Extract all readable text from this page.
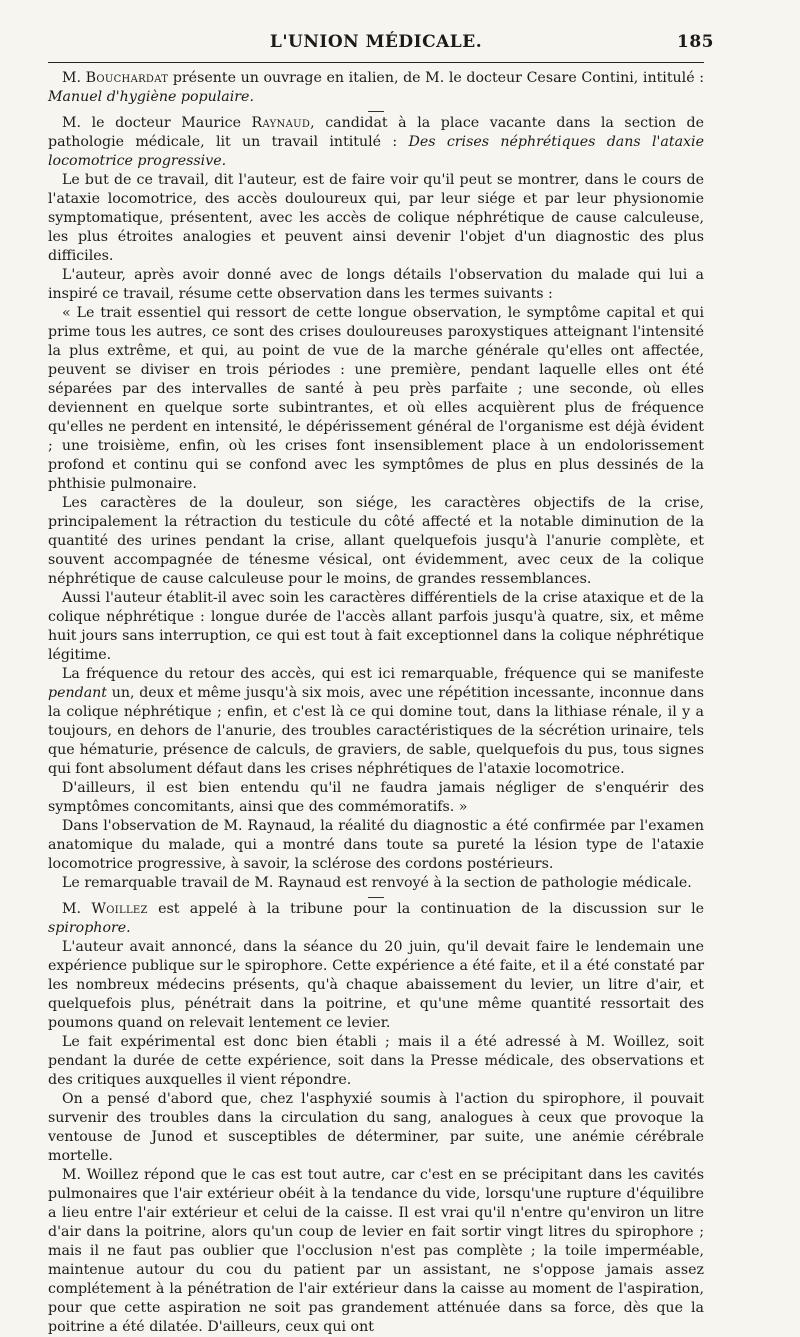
L'UNION MÉDICALE.	185

M. Bouchardat présente un ouvrage en italien, de M. le docteur Cesare Contini, intitulé : Manuel d'hygiène populaire.

M. le docteur Maurice Raynaud, candidat à la place vacante dans la section de pathologie médicale, lit un travail intitulé : Des crises néphrétiques dans l'ataxie locomotrice progressive.

Le but de ce travail, dit l'auteur, est de faire voir qu'il peut se montrer, dans le cours de l'ataxie locomotrice, des accès douloureux qui, par leur siége et par leur physionomie symptomatique, présentent, avec les accès de colique néphrétique de cause calculeuse, les plus étroites analogies et peuvent ainsi devenir l'objet d'un diagnostic des plus difficiles.

L'auteur, après avoir donné avec de longs détails l'observation du malade qui lui a inspiré ce travail, résume cette observation dans les termes suivants :

« Le trait essentiel qui ressort de cette longue observation, le symptôme capital et qui prime tous les autres, ce sont des crises douloureuses paroxystiques atteignant l'intensité la plus extrême, et qui, au point de vue de la marche générale qu'elles ont affectée, peuvent se diviser en trois périodes : une première, pendant laquelle elles ont été séparées par des intervalles de santé à peu près parfaite ; une seconde, où elles deviennent en quelque sorte subintrantes, et où elles acquièrent plus de fréquence qu'elles ne perdent en intensité, le dépérissement général de l'organisme est déjà évident ; une troisième, enfin, où les crises font insensiblement place à un endolorissement profond et continu qui se confond avec les symptômes de plus en plus dessinés de la phthisie pulmonaire.

Les caractères de la douleur, son siége, les caractères objectifs de la crise, principalement la rétraction du testicule du côté affecté et la notable diminution de la quantité des urines pendant la crise, allant quelquefois jusqu'à l'anurie complète, et souvent accompagnée de ténesme vésical, ont évidemment, avec ceux de la colique néphrétique de cause calculeuse pour le moins, de grandes ressemblances.

Aussi l'auteur établit-il avec soin les caractères différentiels de la crise ataxique et de la colique néphrétique : longue durée de l'accès allant parfois jusqu'à quatre, six, et même huit jours sans interruption, ce qui est tout à fait exceptionnel dans la colique néphrétique légitime.

La fréquence du retour des accès, qui est ici remarquable, fréquence qui se manifeste pendant un, deux et même jusqu'à six mois, avec une répétition incessante, inconnue dans la colique néphrétique ; enfin, et c'est là ce qui domine tout, dans la lithiase rénale, il y a toujours, en dehors de l'anurie, des troubles caractéristiques de la sécrétion urinaire, tels que hématurie, présence de calculs, de graviers, de sable, quelquefois du pus, tous signes qui font absolument défaut dans les crises néphrétiques de l'ataxie locomotrice.

D'ailleurs, il est bien entendu qu'il ne faudra jamais négliger de s'enquérir des symptômes concomitants, ainsi que des commémoratifs. »

Dans l'observation de M. Raynaud, la réalité du diagnostic a été confirmée par l'examen anatomique du malade, qui a montré dans toute sa pureté la lésion type de l'ataxie locomotrice progressive, à savoir, la sclérose des cordons postérieurs.

Le remarquable travail de M. Raynaud est renvoyé à la section de pathologie médicale.

M. Woillez est appelé à la tribune pour la continuation de la discussion sur le spirophore.

L'auteur avait annoncé, dans la séance du 20 juin, qu'il devait faire le lendemain une expérience publique sur le spirophore. Cette expérience a été faite, et il a été constaté par les nombreux médecins présents, qu'à chaque abaissement du levier, un litre d'air, et quelquefois plus, pénétrait dans la poitrine, et qu'une même quantité ressortait des poumons quand on relevait lentement ce levier.

Le fait expérimental est donc bien établi ; mais il a été adressé à M. Woillez, soit pendant la durée de cette expérience, soit dans la Presse médicale, des observations et des critiques auxquelles il vient répondre.

On a pensé d'abord que, chez l'asphyxié soumis à l'action du spirophore, il pouvait survenir des troubles dans la circulation du sang, analogues à ceux que provoque la ventouse de Junod et susceptibles de déterminer, par suite, une anémie cérébrale mortelle.

M. Woillez répond que le cas est tout autre, car c'est en se précipitant dans les cavités pulmonaires que l'air extérieur obéit à la tendance du vide, lorsqu'une rupture d'équilibre a lieu entre l'air extérieur et celui de la caisse. Il est vrai qu'il n'entre qu'environ un litre d'air dans la poitrine, alors qu'un coup de levier en fait sortir vingt litres du spirophore ; mais il ne faut pas oublier que l'occlusion n'est pas complète ; la toile imperméable, maintenue autour du cou du patient par un assistant, ne s'oppose jamais assez complétement à la pénétration de l'air extérieur dans la caisse au moment de l'aspiration, pour que cette aspiration ne soit pas grandement atténuée dans sa force, dès que la poitrine a été dilatée. D'ailleurs, ceux qui ont
